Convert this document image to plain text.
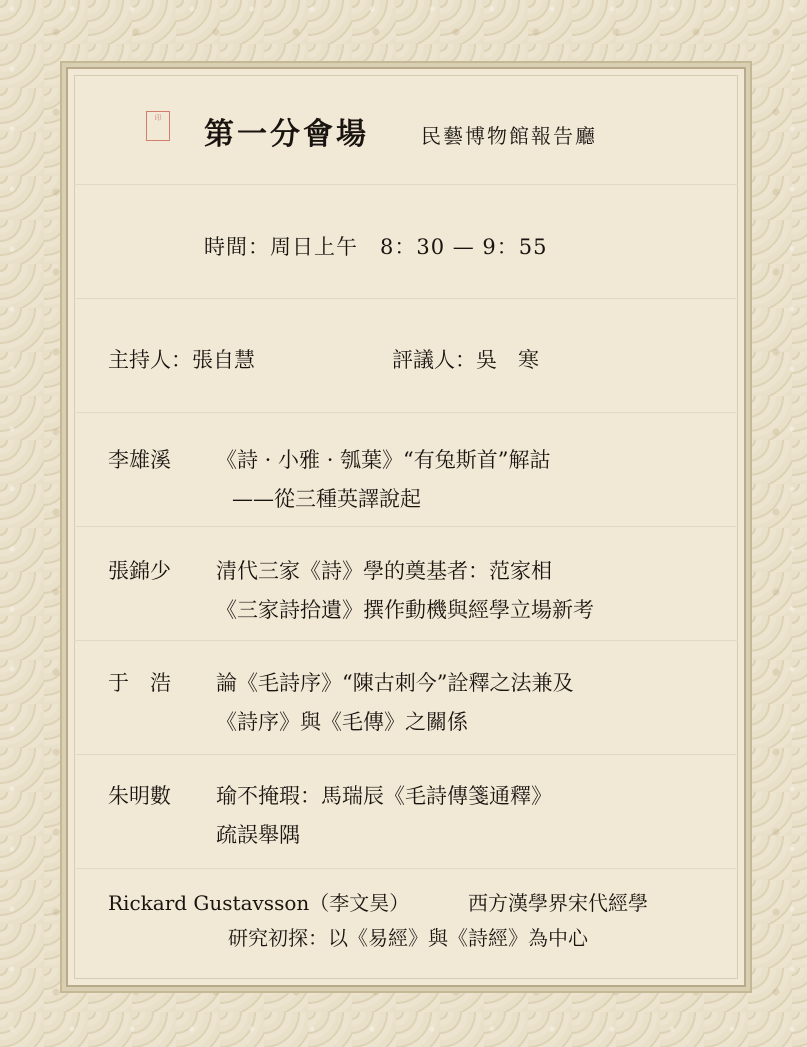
印 第一分會場	民藝博物館報告廳
時間：周日上午　8：30 — 9：55
主持人：張自慧	評議人：吳　寒
李雄溪	《詩 · 小雅 · 瓠葉》“有兔斯首”解詁
——從三種英譯說起
張錦少	清代三家《詩》學的奠基者：范家相
《三家詩拾遺》撰作動機與經學立場新考
于　浩	論《毛詩序》“陳古刺今”詮釋之法兼及
《詩序》與《毛傳》之關係
朱明數	瑜不掩瑕：馬瑞辰《毛詩傳箋通釋》
疏誤舉隅
Rickard Gustavsson（李文昊）	西方漢學界宋代經學
研究初探：以《易經》與《詩經》為中心
